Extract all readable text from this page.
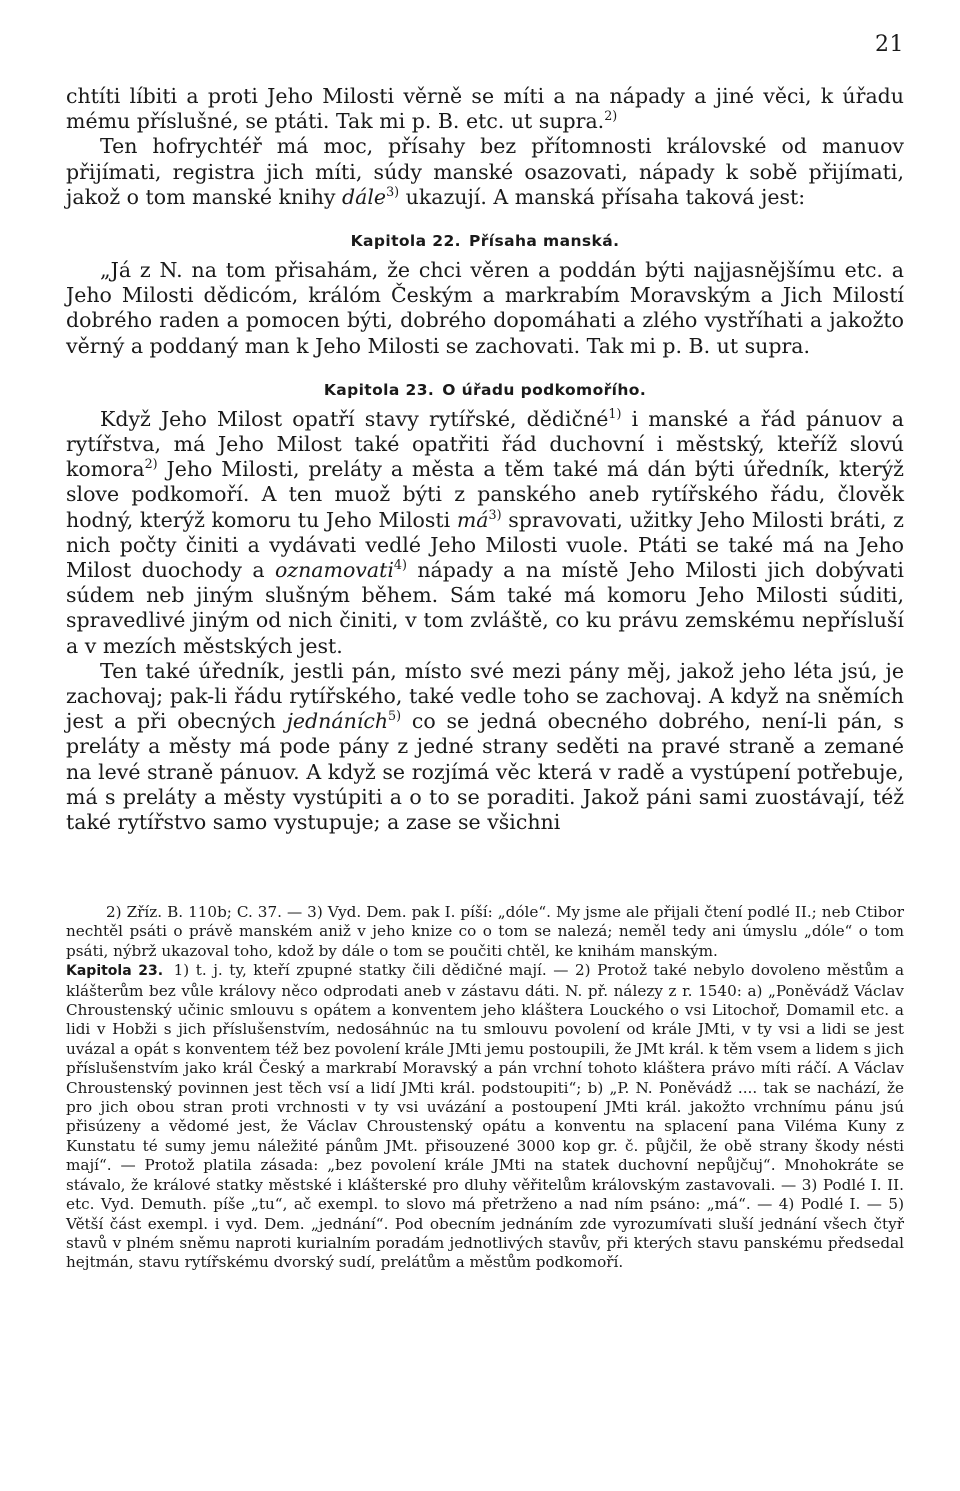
21

chtíti líbiti a proti Jeho Milosti věrně se míti a na nápady a jiné věci, k úřadu mému příslušné, se ptáti. Tak mi p. B. etc. ut supra.$^{2)}$

Ten hofrychtéř má moc, přísahy bez přítomnosti královské od manuov přijímati, registra jich míti, súdy manské osazovati, nápady k sobě přijímati, jakož o tom manské knihy dále$^{3)}$ ukazují. A manská přísaha taková jest:

Kapitola 22. Přísaha manská.

„Já z N. na tom přisahám, že chci věren a poddán býti najjasnějšímu etc. a Jeho Milosti dědicóm, králóm Českým a markrabím Moravským a Jich Milostí dobrého raden a pomocen býti, dobrého dopomáhati a zlého vystříhati a jakožto věrný a poddaný man k Jeho Milosti se zachovati. Tak mi p. B. ut supra.

Kapitola 23. O úřadu podkomořího.

Když Jeho Milost opatří stavy rytířské, dědičné$^{1)}$ i manské a řád pánuov a rytířstva, má Jeho Milost také opatřiti řád duchovní i městský, kteříž slovú komora$^{2)}$ Jeho Milosti, preláty a města a těm také má dán býti úředník, kterýž slove podkomoří. A ten muož býti z panského aneb rytířského řádu, člověk hodný, kterýž komoru tu Jeho Milosti $má^{3)}$ spravovati, užitky Jeho Milosti bráti, z nich počty činiti a vydávati vedlé Jeho Milosti vuole. Ptáti se také má na Jeho Milost duochody a oznamovati$^{4)}$ nápady a na místě Jeho Milosti jich dobývati súdem neb jiným slušným během. Sám také má komoru Jeho Milosti súditi, spravedlivé jiným od nich činiti, v tom zvláště, co ku právu zemskému nepřísluší a v mezích městských jest.

Ten také úředník, jestli pán, místo své mezi pány měj, jakož jeho léta jsú, je zachovaj; pak-li řádu rytířského, také vedle toho se zachovaj. A když na sněmích jest a při obecných jednáních$^{5)}$ co se jedná obecného dobrého, není-li pán, s preláty a městy má pode pány z jedné strany seděti na pravé straně a zemané na levé straně pánuov. A když se rozjímá věc která v radě a vystúpení potřebuje, má s preláty a městy vystúpiti a o to se poraditi. Jakož páni sami zuostávají, též také rytířstvo samo vystupuje; a zase se všichni

2) Zříz. B. 110b; C. 37. — 3) Vyd. Dem. pak I. píší: „dóle“. My jsme ale přijali čtení podlé II.; neb Ctibor nechtěl psáti o právě manském aniž v jeho knize co o tom se nalezá; neměl tedy ani úmyslu „dóle“ o tom psáti, nýbrž ukazoval toho, kdož by dále o tom se poučiti chtěl, ke knihám manským.

Kapitola 23. 1) t. j. ty, kteří zpupné statky čili dědičné mají. — 2) Protož také nebylo dovoleno městům a klášterům bez vůle královy něco odprodati aneb v zástavu dáti. N. př. nálezy z r. 1540: a) „Poněvádž Václav Chroustenský učinic smlouvu s opátem a konventem jeho kláštera Louckého o vsi Litochoř, Domamil etc. a lidi v Hobži s jich příslušenstvím, nedosáhnúc na tu smlouvu povolení od krále JMti, v ty vsi a lidi se jest uvázal a opát s konventem též bez povolení krále JMti jemu postoupili, že JMt král. k těm vsem a lidem s jich příslušenstvím jako král Český a markrabí Moravský a pán vrchní tohoto kláštera právo míti ráčí. A Václav Chroustenský povinnen jest těch vsí a lidí JMti král. podstoupiti“; b) „P. N. Poněvádž .... tak se nachází, že pro jich obou stran proti vrchnosti v ty vsi uvázání a postoupení JMti král. jakožto vrchnímu pánu jsú přisúzeny a vědomé jest, že Václav Chroustenský opátu a konventu na splacení pana Viléma Kuny z Kunstatu té sumy jemu náležité pánům JMt. přisouzené 3000 kop gr. č. půjčil, že obě strany škody nésti mají“. — Protož platila zásada: „bez povolení krále JMti na statek duchovní nepůjčuj“. Mnohokráte se stávalo, že králové statky městské i klášterské pro dluhy věřitelům královským zastavovali. — 3) Podlé I. II. etc. Vyd. Demuth. píše „tu“, ač exempl. to slovo má přetrženo a nad ním psáno: „má“. — 4) Podlé I. — 5) Větší část exempl. i vyd. Dem. „jednání“. Pod obecním jednáním zde vyrozumívati sluší jednání všech čtyř stavů v plném sněmu naproti kurialním poradám jednotlivých stavův, při kterých stavu panskému předsedal hejtmán, stavu rytířskému dvorský sudí, prelátům a městům podkomoří.
